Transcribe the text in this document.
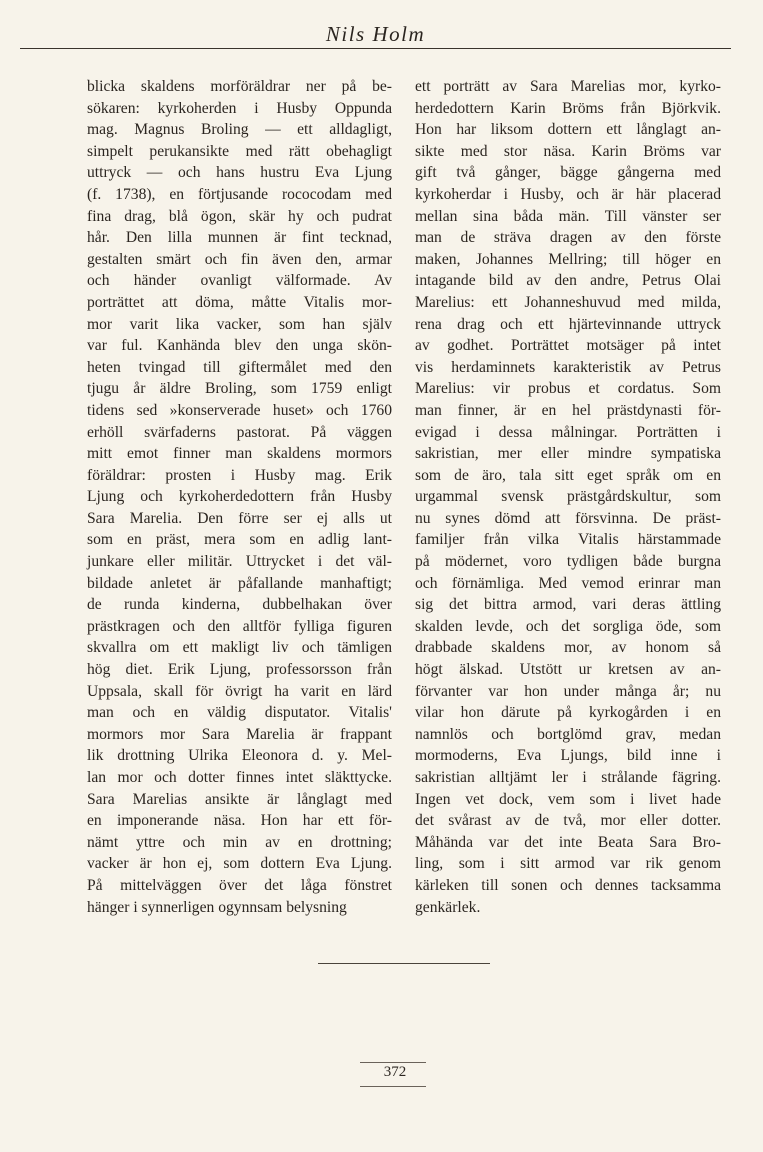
Nils Holm
blicka skaldens morföräldrar ner på be-
sökaren: kyrkoherden i Husby Oppunda
mag. Magnus Broling — ett alldagligt,
simpelt perukansikte med rätt obehagligt
uttryck — och hans hustru Eva Ljung
(f. 1738), en förtjusande rococodam med
fina drag, blå ögon, skär hy och pudrat
hår. Den lilla munnen är fint tecknad,
gestalten smärt och fin även den, armar
och händer ovanligt välformade. Av
porträttet att döma, måtte Vitalis mor-
mor varit lika vacker, som han själv
var ful. Kanhända blev den unga skön-
heten tvingad till giftermålet med den
tjugu år äldre Broling, som 1759 enligt
tidens sed »konserverade huset» och 1760
erhöll svärfaderns pastorat. På väggen
mitt emot finner man skaldens mormors
föräldrar: prosten i Husby mag. Erik
Ljung och kyrkoherdedottern från Husby
Sara Marelia. Den förre ser ej alls ut
som en präst, mera som en adlig lant-
junkare eller militär. Uttrycket i det väl-
bildade anletet är påfallande manhaftigt;
de runda kinderna, dubbelhakan över
prästkragen och den alltför fylliga figuren
skvallra om ett makligt liv och tämligen
hög diet. Erik Ljung, professorsson från
Uppsala, skall för övrigt ha varit en lärd
man och en väldig disputator. Vitalis'
mormors mor Sara Marelia är frappant
lik drottning Ulrika Eleonora d. y. Mel-
lan mor och dotter finnes intet släkttycke.
Sara Marelias ansikte är långlagt med
en imponerande näsa. Hon har ett för-
nämt yttre och min av en drottning;
vacker är hon ej, som dottern Eva Ljung.
På mittelväggen över det låga fönstret
hänger i synnerligen ogynnsam belysning
ett porträtt av Sara Marelias mor, kyrko-
herdedottern Karin Bröms från Björkvik.
Hon har liksom dottern ett långlagt an-
sikte med stor näsa. Karin Bröms var
gift två gånger, bägge gångerna med
kyrkoherdar i Husby, och är här placerad
mellan sina båda män. Till vänster ser
man de sträva dragen av den förste
maken, Johannes Mellring; till höger en
intagande bild av den andre, Petrus Olai
Marelius: ett Johanneshuvud med milda,
rena drag och ett hjärtevinnande uttryck
av godhet. Porträttet motsäger på intet
vis herdaminnets karakteristik av Petrus
Marelius: vir probus et cordatus. Som
man finner, är en hel prästdynasti för-
evigad i dessa målningar. Porträtten i
sakristian, mer eller mindre sympatiska
som de äro, tala sitt eget språk om en
urgammal svensk prästgårdskultur, som
nu synes dömd att försvinna. De präst-
familjer från vilka Vitalis härstammade
på mödernet, voro tydligen både burgna
och förnämliga. Med vemod erinrar man
sig det bittra armod, vari deras ättling
skalden levde, och det sorgliga öde, som
drabbade skaldens mor, av honom så
högt älskad. Utstött ur kretsen av an-
förvanter var hon under många år; nu
vilar hon därute på kyrkogården i en
namnlös och bortglömd grav, medan
mormoderns, Eva Ljungs, bild inne i
sakristian alltjämt ler i strålande fägring.
Ingen vet dock, vem som i livet hade
det svårast av de två, mor eller dotter.
Måhända var det inte Beata Sara Bro-
ling, som i sitt armod var rik genom
kärleken till sonen och dennes tacksamma
genkärlek.
372
